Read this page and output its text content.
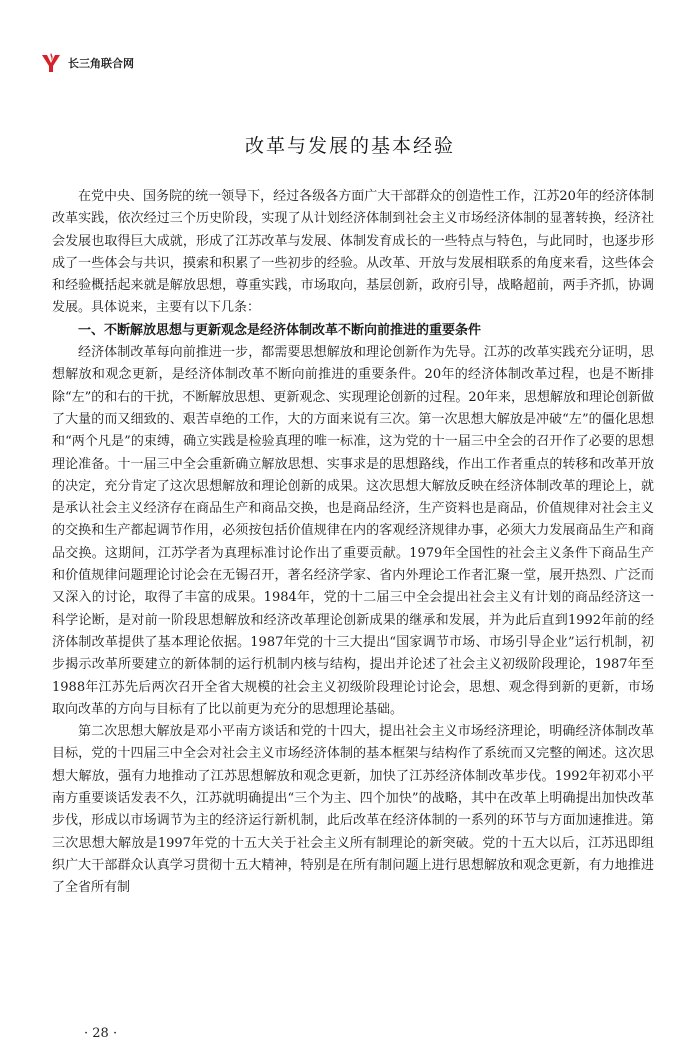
长三角联合网
改革与发展的基本经验

在党中央、国务院的统一领导下，经过各级各方面广大干部群众的创造性工作，江苏20年的经济体制改革实践，依次经过三个历史阶段，实现了从计划经济体制到社会主义市场经济体制的显著转换，经济社会发展也取得巨大成就，形成了江苏改革与发展、体制发育成长的一些特点与特色，与此同时，也逐步形成了一些体会与共识，摸索和积累了一些初步的经验。从改革、开放与发展相联系的角度来看，这些体会和经验概括起来就是解放思想，尊重实践，市场取向，基层创新，政府引导，战略超前，两手齐抓，协调发展。具体说来，主要有以下几条：

一、不断解放思想与更新观念是经济体制改革不断向前推进的重要条件

经济体制改革每向前推进一步，都需要思想解放和理论创新作为先导。江苏的改革实践充分证明，思想解放和观念更新，是经济体制改革不断向前推进的重要条件。20年的经济体制改革过程，也是不断排除“左”的和右的干扰，不断解放思想、更新观念、实现理论创新的过程。20年来，思想解放和理论创新做了大量的而又细致的、艰苦卓绝的工作，大的方面来说有三次。第一次思想大解放是冲破“左”的僵化思想和“两个凡是”的束缚，确立实践是检验真理的唯一标准，这为党的十一届三中全会的召开作了必要的思想理论准备。十一届三中全会重新确立解放思想、实事求是的思想路线，作出工作者重点的转移和改革开放的决定，充分肯定了这次思想解放和理论创新的成果。这次思想大解放反映在经济体制改革的理论上，就是承认社会主义经济存在商品生产和商品交换，也是商品经济，生产资料也是商品，价值规律对社会主义的交换和生产都起调节作用，必须按包括价值规律在内的客观经济规律办事，必须大力发展商品生产和商品交换。这期间，江苏学者为真理标准讨论作出了重要贡献。1979年全国性的社会主义条件下商品生产和价值规律问题理论讨论会在无锡召开，著名经济学家、省内外理论工作者汇聚一堂，展开热烈、广泛而又深入的讨论，取得了丰富的成果。1984年，党的十二届三中全会提出社会主义有计划的商品经济这一科学论断，是对前一阶段思想解放和经济改革理论创新成果的继承和发展，并为此后直到1992年前的经济体制改革提供了基本理论依据。1987年党的十三大提出“国家调节市场、市场引导企业”运行机制，初步揭示改革所要建立的新体制的运行机制内核与结构，提出并论述了社会主义初级阶段理论，1987年至1988年江苏先后两次召开全省大规模的社会主义初级阶段理论讨论会，思想、观念得到新的更新，市场取向改革的方向与目标有了比以前更为充分的思想理论基础。

第二次思想大解放是邓小平南方谈话和党的十四大，提出社会主义市场经济理论，明确经济体制改革目标，党的十四届三中全会对社会主义市场经济体制的基本框架与结构作了系统而又完整的阐述。这次思想大解放，强有力地推动了江苏思想解放和观念更新，加快了江苏经济体制改革步伐。1992年初邓小平南方重要谈话发表不久，江苏就明确提出“三个为主、四个加快”的战略，其中在改革上明确提出加快改革步伐，形成以市场调节为主的经济运行新机制，此后改革在经济体制的一系列的环节与方面加速推进。第三次思想大解放是1997年党的十五大关于社会主义所有制理论的新突破。党的十五大以后，江苏迅即组织广大干部群众认真学习贯彻十五大精神，特别是在所有制问题上进行思想解放和观念更新，有力地推进了全省所有制

· 28 ·
